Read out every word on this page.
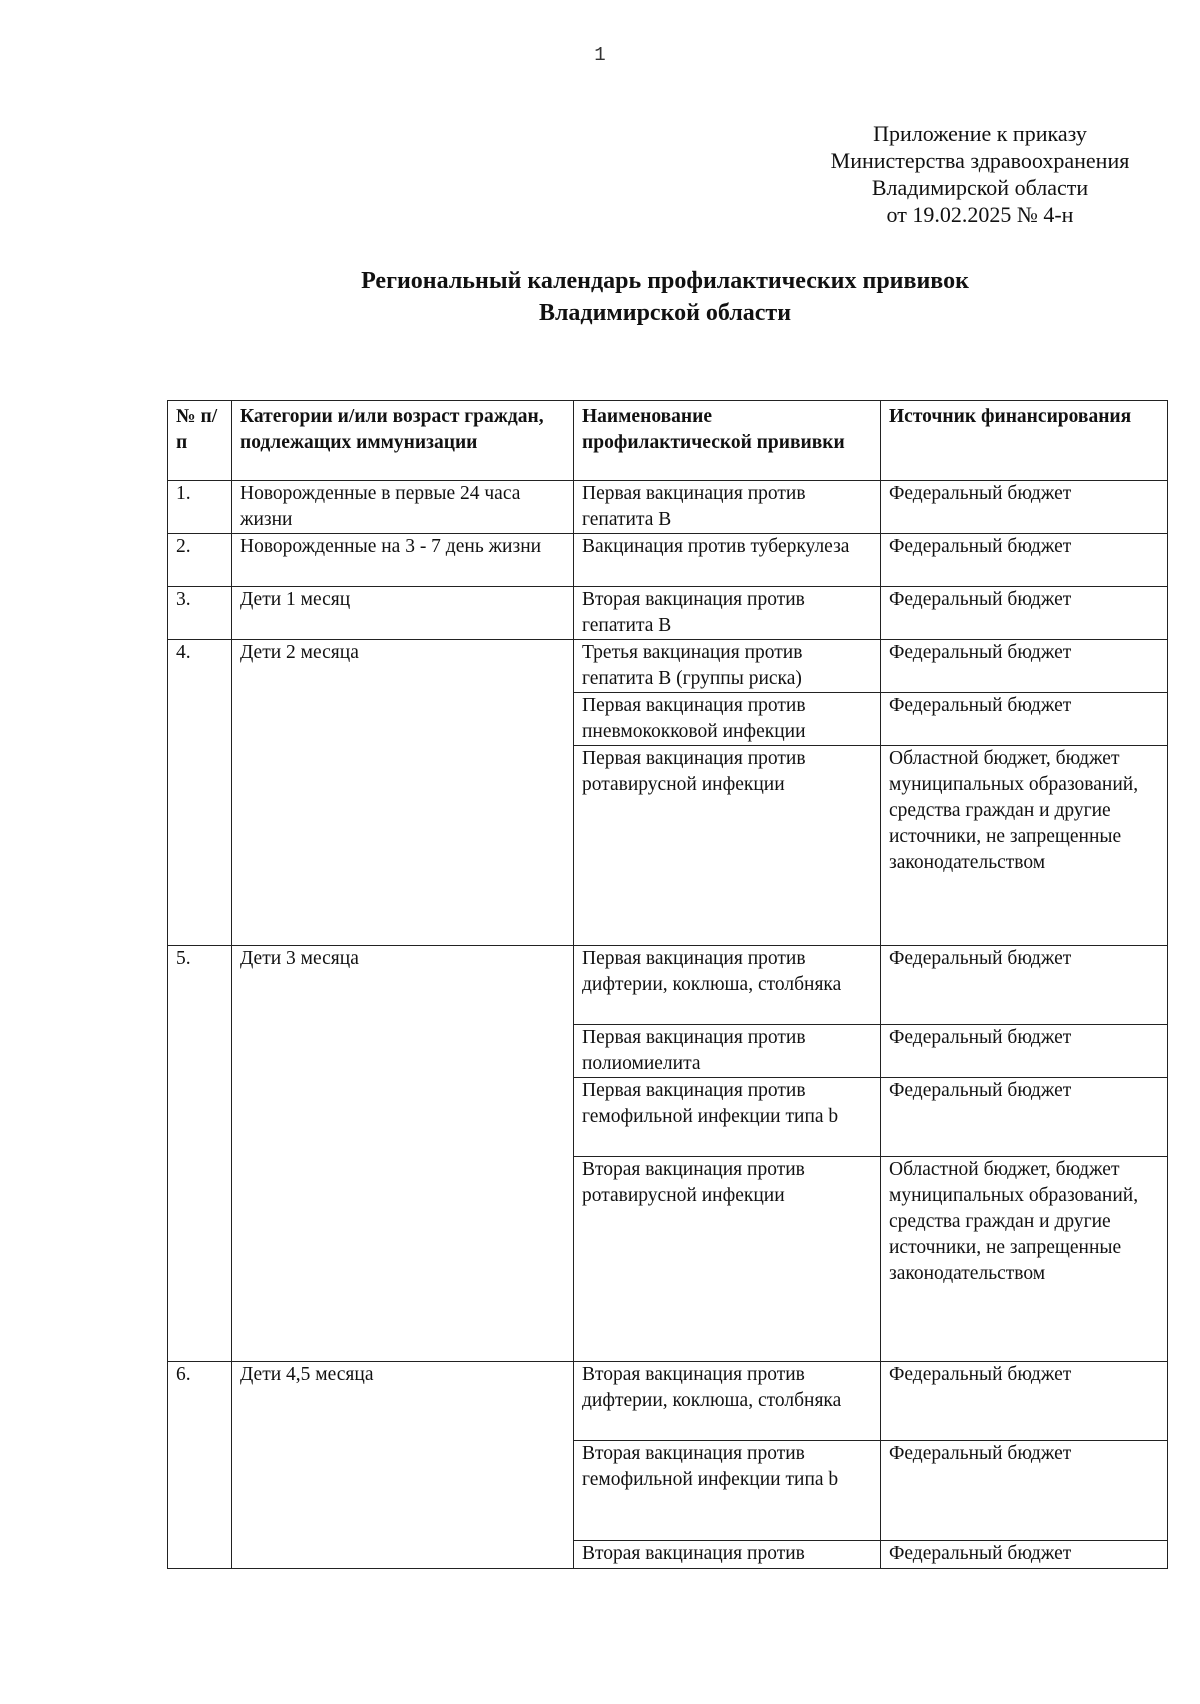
1
Приложение к приказу
Министерства здравоохранения
Владимирской области
от 19.02.2025 № 4-н
Региональный календарь профилактических прививок
Владимирской области
№ п/п	Категории и/или возраст граждан, подлежащих иммунизации	Наименование профилактической прививки	Источник финансирования
1.	Новорожденные в первые 24 часа жизни	Первая вакцинация против гепатита В	Федеральный бюджет
2.	Новорожденные на 3 - 7 день жизни	Вакцинация против туберкулеза	Федеральный бюджет
3.	Дети 1 месяц	Вторая вакцинация против гепатита В	Федеральный бюджет
4.	Дети 2 месяца	Третья вакцинация против гепатита В (группы риска)	Федеральный бюджет
		Первая вакцинация против пневмококковой инфекции	Федеральный бюджет
		Первая вакцинация против ротавирусной инфекции	Областной бюджет, бюджет муниципальных образований, средства граждан и другие источники, не запрещенные законодательством
5.	Дети 3 месяца	Первая вакцинация против дифтерии, коклюша, столбняка	Федеральный бюджет
		Первая вакцинация против полиомиелита	Федеральный бюджет
		Первая вакцинация против гемофильной инфекции типа b	Федеральный бюджет
		Вторая вакцинация против ротавирусной инфекции	Областной бюджет, бюджет муниципальных образований, средства граждан и другие источники, не запрещенные законодательством
6.	Дети 4,5 месяца	Вторая вакцинация против дифтерии, коклюша, столбняка	Федеральный бюджет
		Вторая вакцинация против гемофильной инфекции типа b	Федеральный бюджет
		Вторая вакцинация против	Федеральный бюджет
